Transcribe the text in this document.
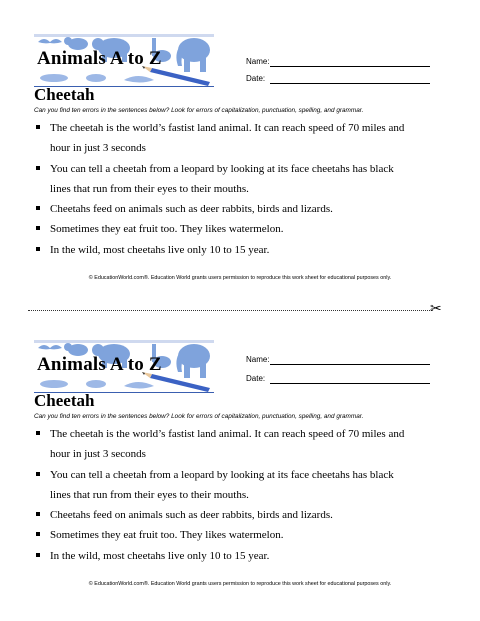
Animals A to Z	Name:
Date:
Cheetah
Can you find ten errors in the sentences below? Look for errors of capitalization, punctuation, spelling, and grammar.
The cheetah is the world’s fastist land animal. It can reach speed of 70 miles and
hour in just 3 seconds
You can tell a cheetah from a leopard by looking at its face cheetahs has black
lines that run from their eyes to their mouths.
Cheetahs feed on animals such as deer rabbits, birds and lizards.
Sometimes they eat fruit too. They likes watermelon.
In the wild, most cheetahs live only 10 to 15 year.
© EducationWorld.com®. Education World grants users permission to reproduce this work sheet for educational purposes only.
✂
Animals A to Z	Name:
Date:
Cheetah
Can you find ten errors in the sentences below? Look for errors of capitalization, punctuation, spelling, and grammar.
The cheetah is the world’s fastist land animal. It can reach speed of 70 miles and
hour in just 3 seconds
You can tell a cheetah from a leopard by looking at its face cheetahs has black
lines that run from their eyes to their mouths.
Cheetahs feed on animals such as deer rabbits, birds and lizards.
Sometimes they eat fruit too. They likes watermelon.
In the wild, most cheetahs live only 10 to 15 year.
© EducationWorld.com®. Education World grants users permission to reproduce this work sheet for educational purposes only.
